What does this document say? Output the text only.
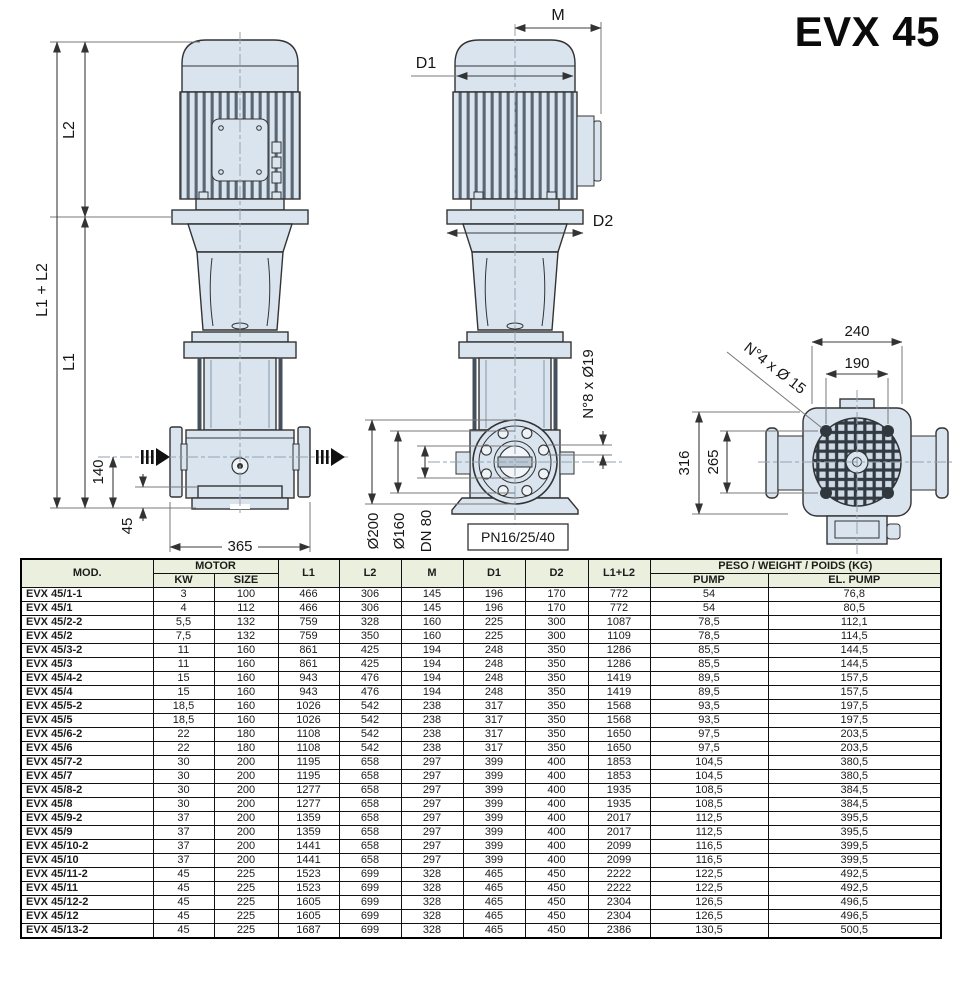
EVX 45
L2
L1 + L2
L1
140
45
365
M
D1
D2
N°8 x Ø19
Ø200 Ø160 DN 80	PN16/25/40
240
190
316 265
N°4 x Ø 15
MOD.	MOTOR		L1	L2	M	D1	D2	L1+L2	PESO / WEIGHT / POIDS (KG)	
	KW	SIZE							PUMP	EL. PUMP
EVX 45/1-1	3	100	466	306	145	196	170	772	54	76,8
EVX 45/1	4	112	466	306	145	196	170	772	54	80,5
EVX 45/2-2	5,5	132	759	328	160	225	300	1087	78,5	112,1
EVX 45/2	7,5	132	759	350	160	225	300	1109	78,5	114,5
EVX 45/3-2	11	160	861	425	194	248	350	1286	85,5	144,5
EVX 45/3	11	160	861	425	194	248	350	1286	85,5	144,5
EVX 45/4-2	15	160	943	476	194	248	350	1419	89,5	157,5
EVX 45/4	15	160	943	476	194	248	350	1419	89,5	157,5
EVX 45/5-2	18,5	160	1026	542	238	317	350	1568	93,5	197,5
EVX 45/5	18,5	160	1026	542	238	317	350	1568	93,5	197,5
EVX 45/6-2	22	180	1108	542	238	317	350	1650	97,5	203,5
EVX 45/6	22	180	1108	542	238	317	350	1650	97,5	203,5
EVX 45/7-2	30	200	1195	658	297	399	400	1853	104,5	380,5
EVX 45/7	30	200	1195	658	297	399	400	1853	104,5	380,5
EVX 45/8-2	30	200	1277	658	297	399	400	1935	108,5	384,5
EVX 45/8	30	200	1277	658	297	399	400	1935	108,5	384,5
EVX 45/9-2	37	200	1359	658	297	399	400	2017	112,5	395,5
EVX 45/9	37	200	1359	658	297	399	400	2017	112,5	395,5
EVX 45/10-2	37	200	1441	658	297	399	400	2099	116,5	399,5
EVX 45/10	37	200	1441	658	297	399	400	2099	116,5	399,5
EVX 45/11-2	45	225	1523	699	328	465	450	2222	122,5	492,5
EVX 45/11	45	225	1523	699	328	465	450	2222	122,5	492,5
EVX 45/12-2	45	225	1605	699	328	465	450	2304	126,5	496,5
EVX 45/12	45	225	1605	699	328	465	450	2304	126,5	496,5
EVX 45/13-2	45	225	1687	699	328	465	450	2386	130,5	500,5
